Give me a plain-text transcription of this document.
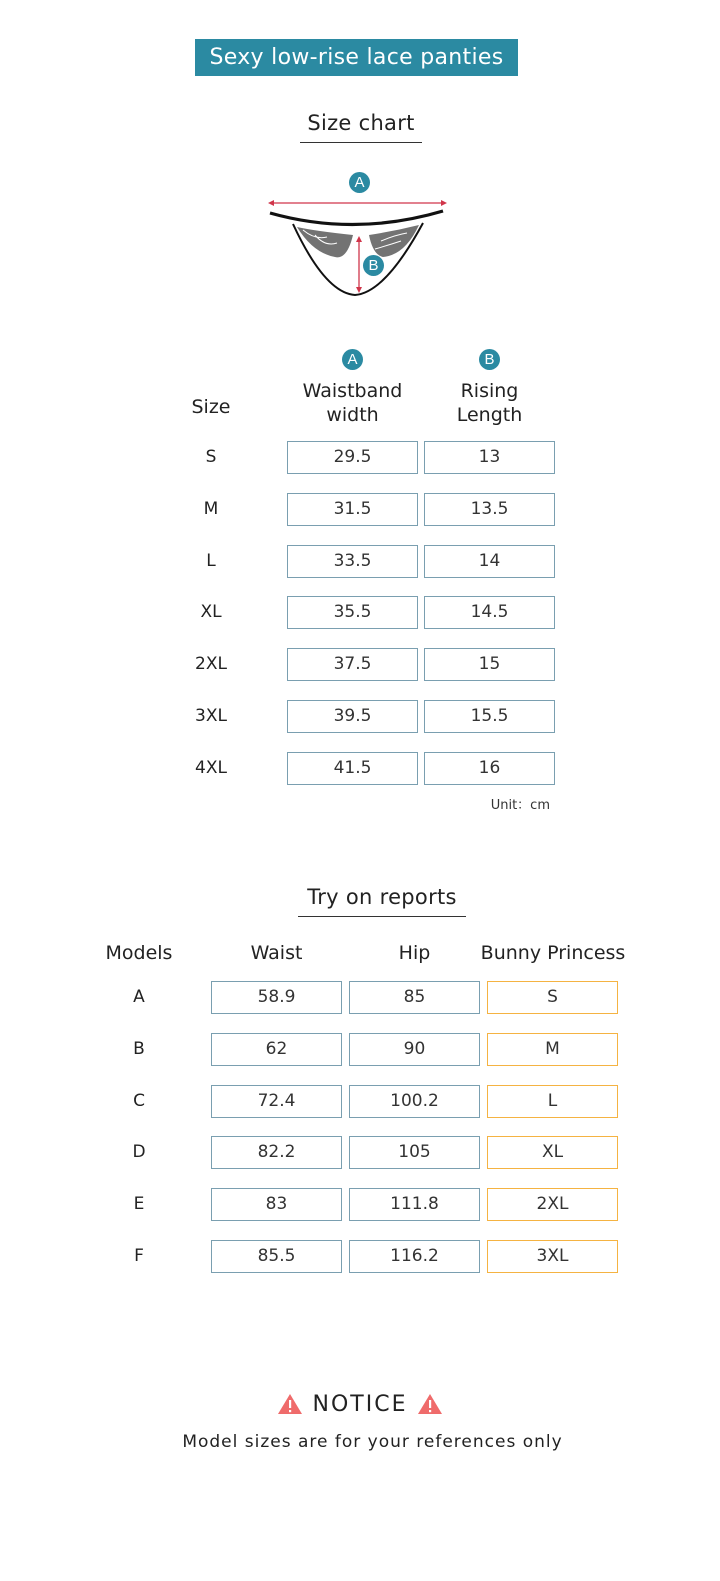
Sexy low-rise lace panties
Size chart
A
B
Size
A
Waistband
width
B
Rising
Length
S	29.5	13
M	31.5	13.5
L	33.5	14
XL	35.5	14.5
2XL	37.5	15
3XL	39.5	15.5
4XL	41.5	16
Unit：cm
Try on reports
Models	Waist	Hip	Bunny Princess
A	58.9	85	S
B	62	90	M
C	72.4	100.2	L
D	82.2	105	XL
E	83	111.8	2XL
F	85.5	116.2	3XL
NOTICE
Model sizes are for your references only
